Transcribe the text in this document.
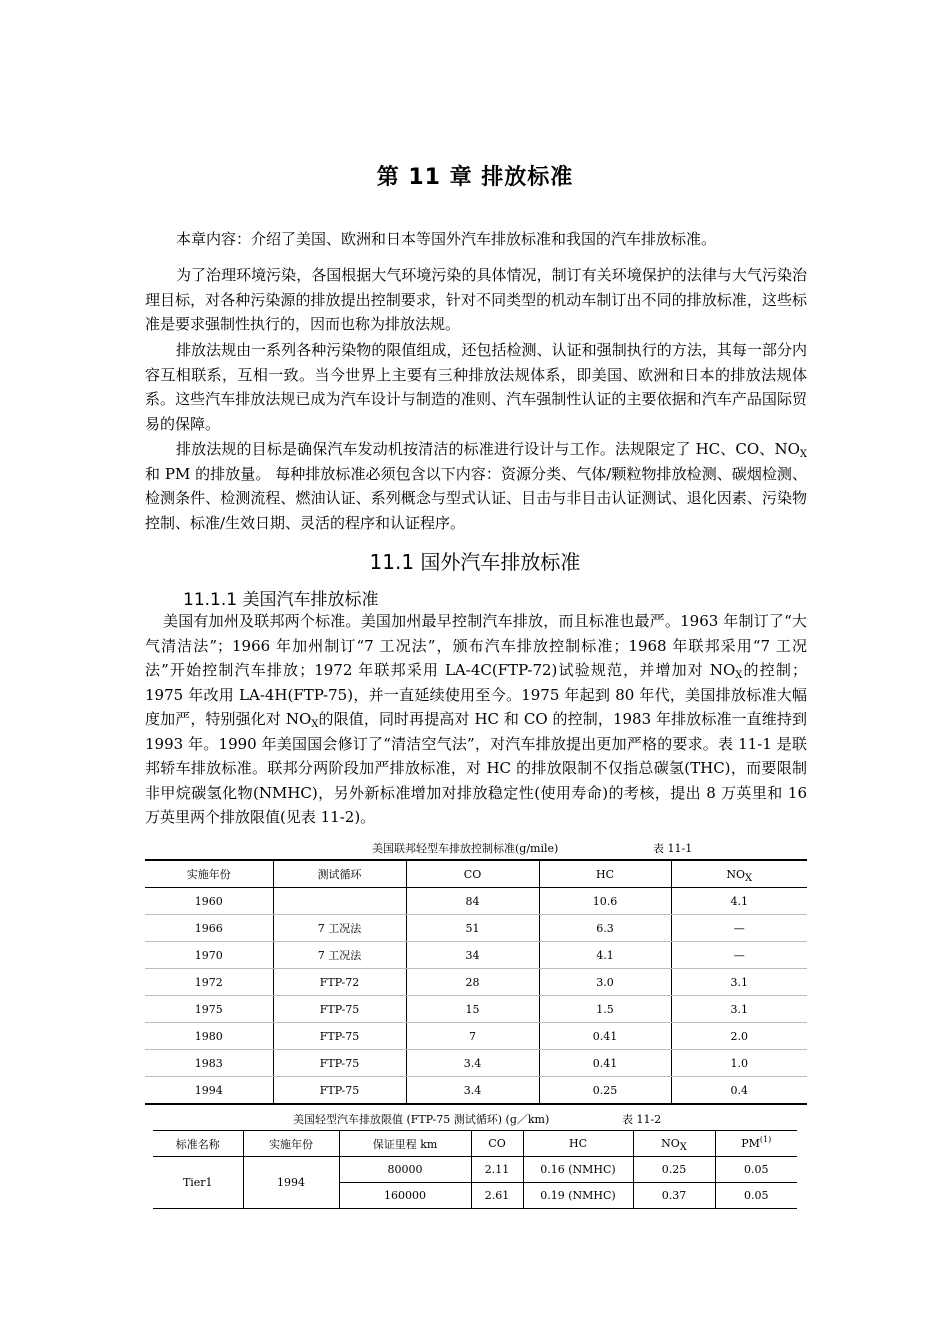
第 11 章 排放标准

本章内容：介绍了美国、欧洲和日本等国外汽车排放标准和我国的汽车排放标准。

为了治理环境污染，各国根据大气环境污染的具体情况，制订有关环境保护的法律与大气污染治理目标，对各种污染源的排放提出控制要求，针对不同类型的机动车制订出不同的排放标准，这些标准是要求强制性执行的，因而也称为排放法规。

排放法规由一系列各种污染物的限值组成，还包括检测、认证和强制执行的方法，其每一部分内容互相联系，互相一致。当今世界上主要有三种排放法规体系，即美国、欧洲和日本的排放法规体系。这些汽车排放法规已成为汽车设计与制造的准则、汽车强制性认证的主要依据和汽车产品国际贸易的保障。

排放法规的目标是确保汽车发动机按清洁的标准进行设计与工作。法规限定了 HC、CO、$NO_X$和 PM 的排放量。 每种排放标准必须包含以下内容：资源分类、气体/颗粒物排放检测、碳烟检测、检测条件、检测流程、燃油认证、系列概念与型式认证、目击与非目击认证测试、退化因素、污染物控制、标准/生效日期、灵活的程序和认证程序。

11.1 国外汽车排放标准
11.1.1 美国汽车排放标准

美国有加州及联邦两个标准。美国加州最早控制汽车排放，而且标准也最严。1963 年制订了“大气清洁法”；1966 年加州制订“7 工况法”，颁布汽车排放控制标准；1968 年联邦采用“7 工况法”开始控制汽车排放；1972 年联邦采用 LA-4C(FTP-72)试验规范，并增加对 $NO_X$的控制；1975 年改用 LA-4H(FTP-75)，并一直延续使用至今。1975 年起到 80 年代，美国排放标准大幅度加严，特别强化对 $NO_X$的限值，同时再提高对 HC 和 CO 的控制，1983 年排放标准一直维持到 1993 年。1990 年美国国会修订了“清洁空气法”，对汽车排放提出更加严格的要求。表 11-1 是联邦轿车排放标准。联邦分两阶段加严排放标准，对 HC 的排放限制不仅指总碳氢(THC)，而要限制非甲烷碳氢化物(NMHC)，另外新标准增加对排放稳定性(使用寿命)的考核，提出 8 万英里和 16 万英里两个排放限值(见表 11-2)。

美国联邦轻型车排放控制标准(g/mile)	表 11-1
实施年份	测试循环	CO	HC	$NO_X$
1960		84	10.6	4.1
1966	7 工况法	51	6.3	—
1970	7 工况法	34	4.1	—
1972	FTP-72	28	3.0	3.1
1975	FTP-75	15	1.5	3.1
1980	FTP-75	7	0.41	2.0
1983	FTP-75	3.4	0.41	1.0
1994	FTP-75	3.4	0.25	0.4
美国轻型汽车排放限值 (FTP-75 测试循环) (g／km)	表 11-2
标准名称	实施年份	保证里程 km	CO	HC	$NO_X$	PM$^{(1)}$
Tier1	1994	80000	2.11	0.16 (NMHC)	0.25	0.05
		160000	2.61	0.19 (NMHC)	0.37	0.05
